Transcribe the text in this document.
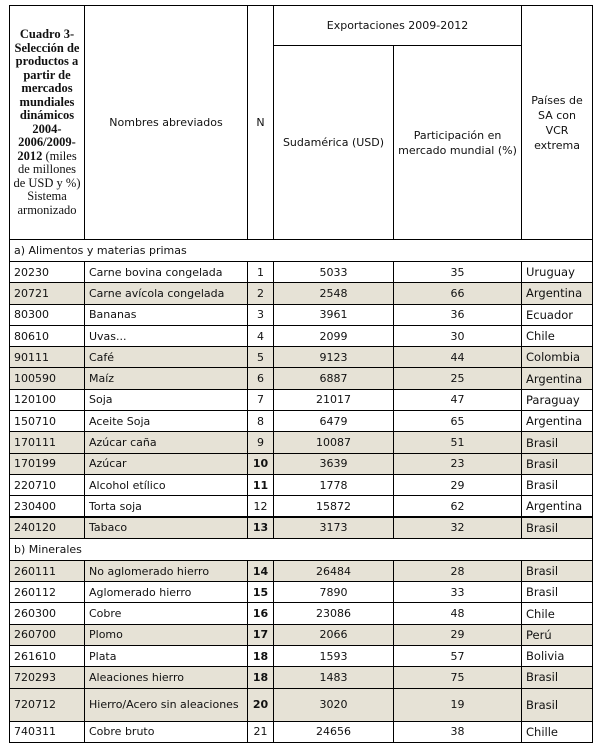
Cuadro 3-Selección de productos a partir de mercados mundiales dinámicos 2004-2006/2009-2012 (miles de millones de USD y %) Sistema armonizado	Nombres abreviados	N	Exportaciones 2009-2012		Países de SA con VCR extrema
			Sudamérica (USD)	Participación en mercado mundial (%)	
a) Alimentos y materias primas					
20230	Carne bovina congelada	1	5033	35	Uruguay
20721	Carne avícola congelada	2	2548	66	Argentina
80300	Bananas	3	3961	36	Ecuador
80610	Uvas...	4	2099	30	Chile
90111	Café	5	9123	44	Colombia
100590	Maíz	6	6887	25	Argentina
120100	Soja	7	21017	47	Paraguay
150710	Aceite Soja	8	6479	65	Argentina
170111	Azúcar caña	9	10087	51	Brasil
170199	Azúcar	10	3639	23	Brasil
220710	Alcohol etílico	11	1778	29	Brasil
230400	Torta soja	12	15872	62	Argentina
240120	Tabaco	13	3173	32	Brasil
b) Minerales					
260111	No aglomerado hierro	14	26484	28	Brasil
260112	Aglomerado hierro	15	7890	33	Brasil
260300	Cobre	16	23086	48	Chile
260700	Plomo	17	2066	29	Perú
261610	Plata	18	1593	57	Bolivia
720293	Aleaciones hierro	18	1483	75	Brasil
720712	Hierro/Acero sin aleaciones	20	3020	19	Brasil
740311	Cobre bruto	21	24656	38	Chille
